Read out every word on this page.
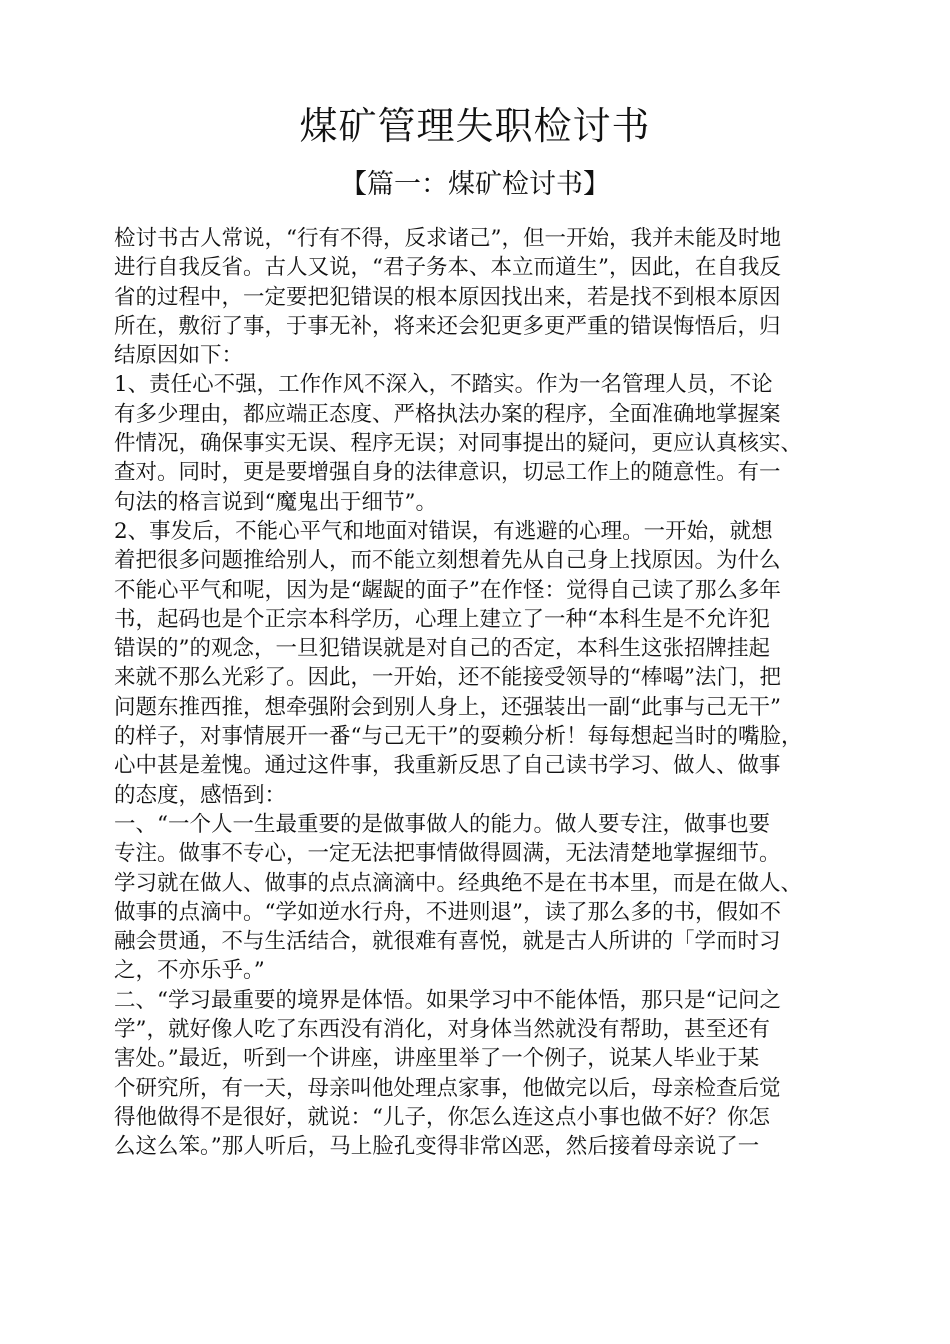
煤矿管理失职检讨书
【篇一：煤矿检讨书】
检讨书古人常说，“行有不得，反求诸己”，但一开始，我并未能及时地
进行自我反省。古人又说，“君子务本、本立而道生”，因此，在自我反
省的过程中，一定要把犯错误的根本原因找出来，若是找不到根本原因
所在，敷衍了事，于事无补，将来还会犯更多更严重的错误悔悟后，归
结原因如下：
1、责任心不强，工作作风不深入，不踏实。作为一名管理人员，不论
有多少理由，都应端正态度、严格执法办案的程序，全面准确地掌握案
件情况，确保事实无误、程序无误；对同事提出的疑问，更应认真核实、
查对。同时，更是要增强自身的法律意识，切忌工作上的随意性。有一
句法的格言说到“魔鬼出于细节”。
2、事发后，不能心平气和地面对错误，有逃避的心理。一开始，就想
着把很多问题推给别人，而不能立刻想着先从自己身上找原因。为什么
不能心平气和呢，因为是“龌龊的面子”在作怪：觉得自己读了那么多年
书，起码也是个正宗本科学历，心理上建立了一种“本科生是不允许犯
错误的”的观念，一旦犯错误就是对自己的否定，本科生这张招牌挂起
来就不那么光彩了。因此，一开始，还不能接受领导的“棒喝”法门，把
问题东推西推，想牵强附会到别人身上，还强装出一副“此事与己无干”
的样子，对事情展开一番“与己无干”的耍赖分析！每每想起当时的嘴脸，
心中甚是羞愧。通过这件事，我重新反思了自己读书学习、做人、做事
的态度，感悟到：
一、“一个人一生最重要的是做事做人的能力。做人要专注，做事也要
专注。做事不专心，一定无法把事情做得圆满，无法清楚地掌握细节。
学习就在做人、做事的点点滴滴中。经典绝不是在书本里，而是在做人、
做事的点滴中。“学如逆水行舟，不进则退”，读了那么多的书，假如不
融会贯通，不与生活结合，就很难有喜悦，就是古人所讲的「学而时习
之，不亦乐乎。”
二、“学习最重要的境界是体悟。如果学习中不能体悟，那只是“记问之
学”，就好像人吃了东西没有消化，对身体当然就没有帮助，甚至还有
害处。”最近，听到一个讲座，讲座里举了一个例子，说某人毕业于某
个研究所，有一天，母亲叫他处理点家事，他做完以后，母亲检查后觉
得他做得不是很好，就说：“儿子，你怎么连这点小事也做不好？你怎
么这么笨。”那人听后，马上脸孔变得非常凶恶，然后接着母亲说了一
